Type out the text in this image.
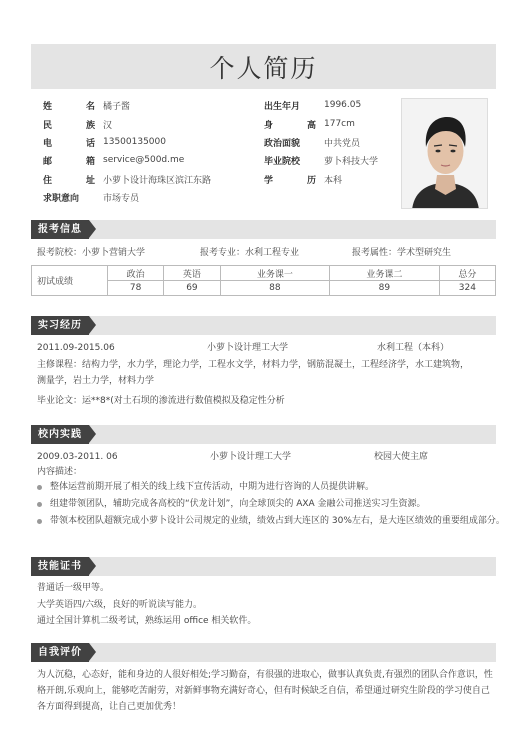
个人简历
姓	名 橘子酱
民	族 汉
电	话 13500135000
邮	箱 service@500d.me
住	址 小萝卜设计海珠区滨江东路
求职意向	市场专员
出生年月	1996.05
身	高 177cm
政治面貌	中共党员
毕业院校	萝卜科技大学
学	历 本科
报考信息
报考院校：小萝卜营销大学	报考专业：水利工程专业	报考属性：学术型研究生
初试成绩	政治	英语	业务课一	业务课二	总分
	78	69	88	89	324
实习经历
2011.09-2015.06	小萝卜设计理工大学	水利工程（本科）
主修课程：结构力学，水力学，理论力学，工程水文学，材料力学，钢筋混凝土，工程经济学，水工建筑物，
测量学，岩土力学，材料力学
毕业论文：运**8*(对土石坝的渗流进行数值模拟及稳定性分析
校内实践
2009.03-2011. 06	小萝卜设计理工大学	校园大使主席
内容描述：
整体运营前期开展了相关的线上线下宣传活动，中期为进行咨询的人员提供讲解。
组建带领团队，辅助完成各高校的“伏龙计划”，向全球顶尖的 AXA 金融公司推送实习生资源。
带领本校团队超额完成小萝卜设计公司规定的业绩，绩效占到大连区的 30%左右，是大连区绩效的重要组成部分。
技能证书
普通话一级甲等。
大学英语四/六级，良好的听说读写能力。
通过全国计算机二级考试，熟练运用 office 相关软件。
自我评价
为人沉稳，心态好，能和身边的人很好相处;学习勤奋，有很强的进取心，做事认真负责,有强烈的团队合作意识，性
格开朗,乐观向上，能够吃苦耐劳，对新鲜事物充满好奇心，但有时候缺乏自信，希望通过研究生阶段的学习使自己
各方面得到提高，让自己更加优秀！
